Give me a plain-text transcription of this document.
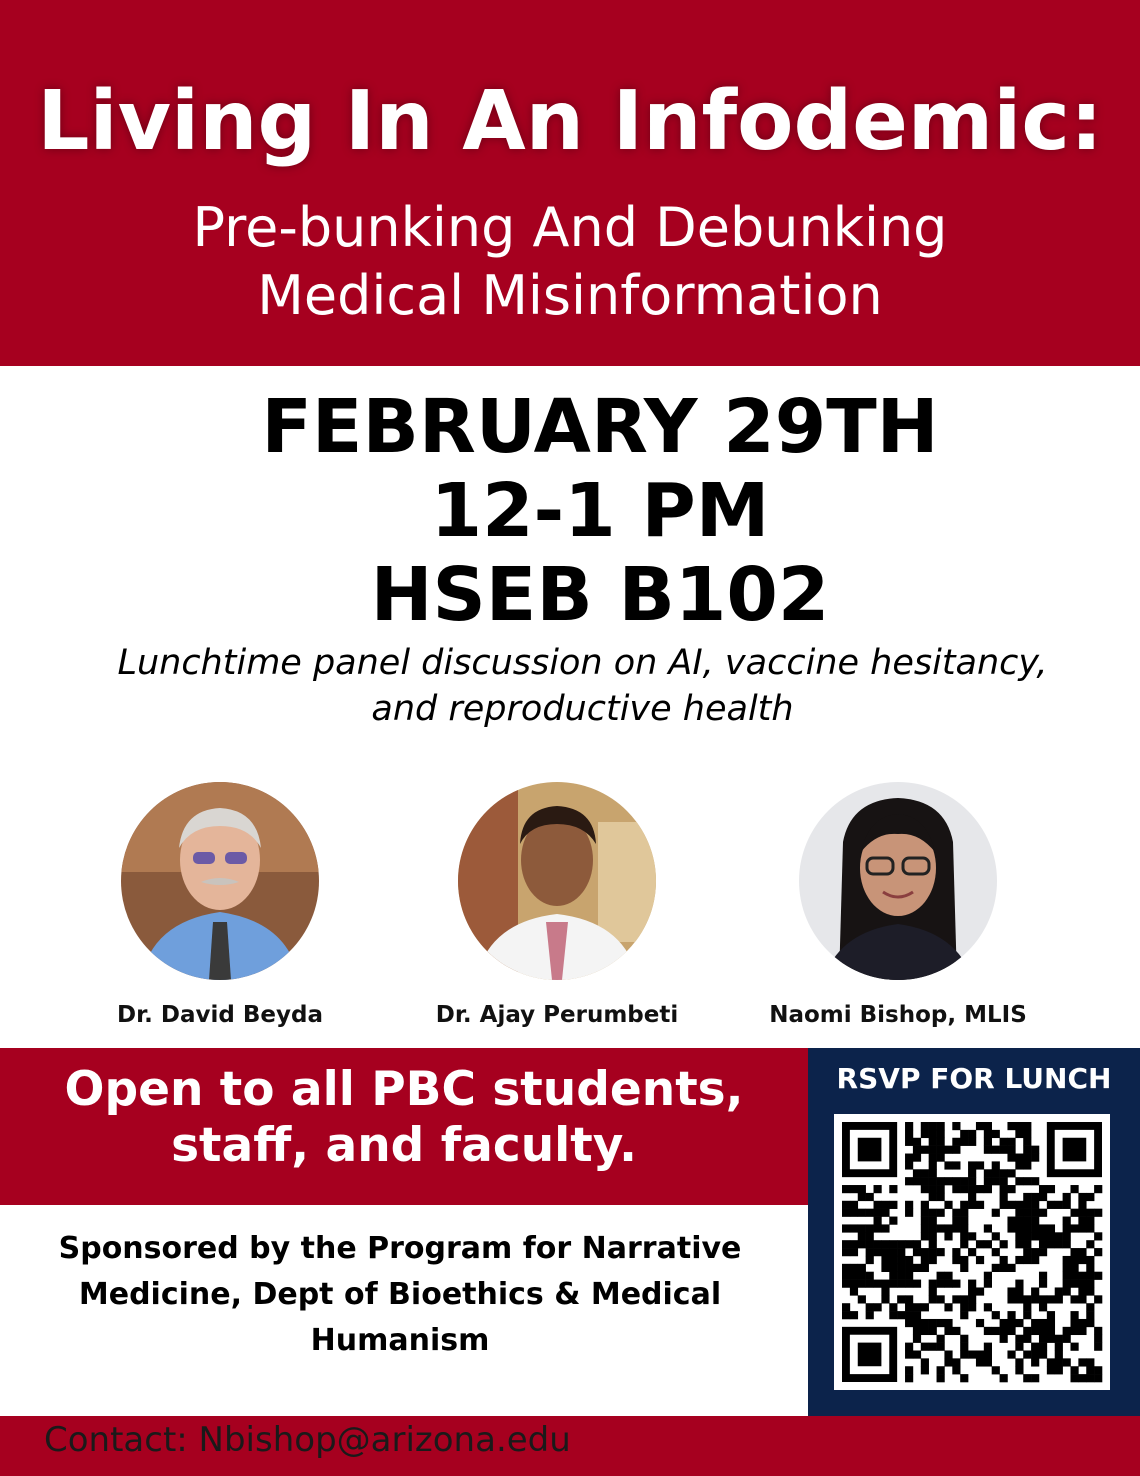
Living In An Infodemic:
Pre-bunking And Debunking
Medical Misinformation
FEBRUARY 29TH
12-1 PM
HSEB B102
Lunchtime panel discussion on AI, vaccine hesitancy,
and reproductive health
Dr. David Beyda	Dr. Ajay Perumbeti	Naomi Bishop, MLIS
Open to all PBC students,
staff, and faculty.
Sponsored by the Program for Narrative
Medicine, Dept of Bioethics & Medical
Humanism
RSVP FOR LUNCH
Contact: Nbishop@arizona.edu
